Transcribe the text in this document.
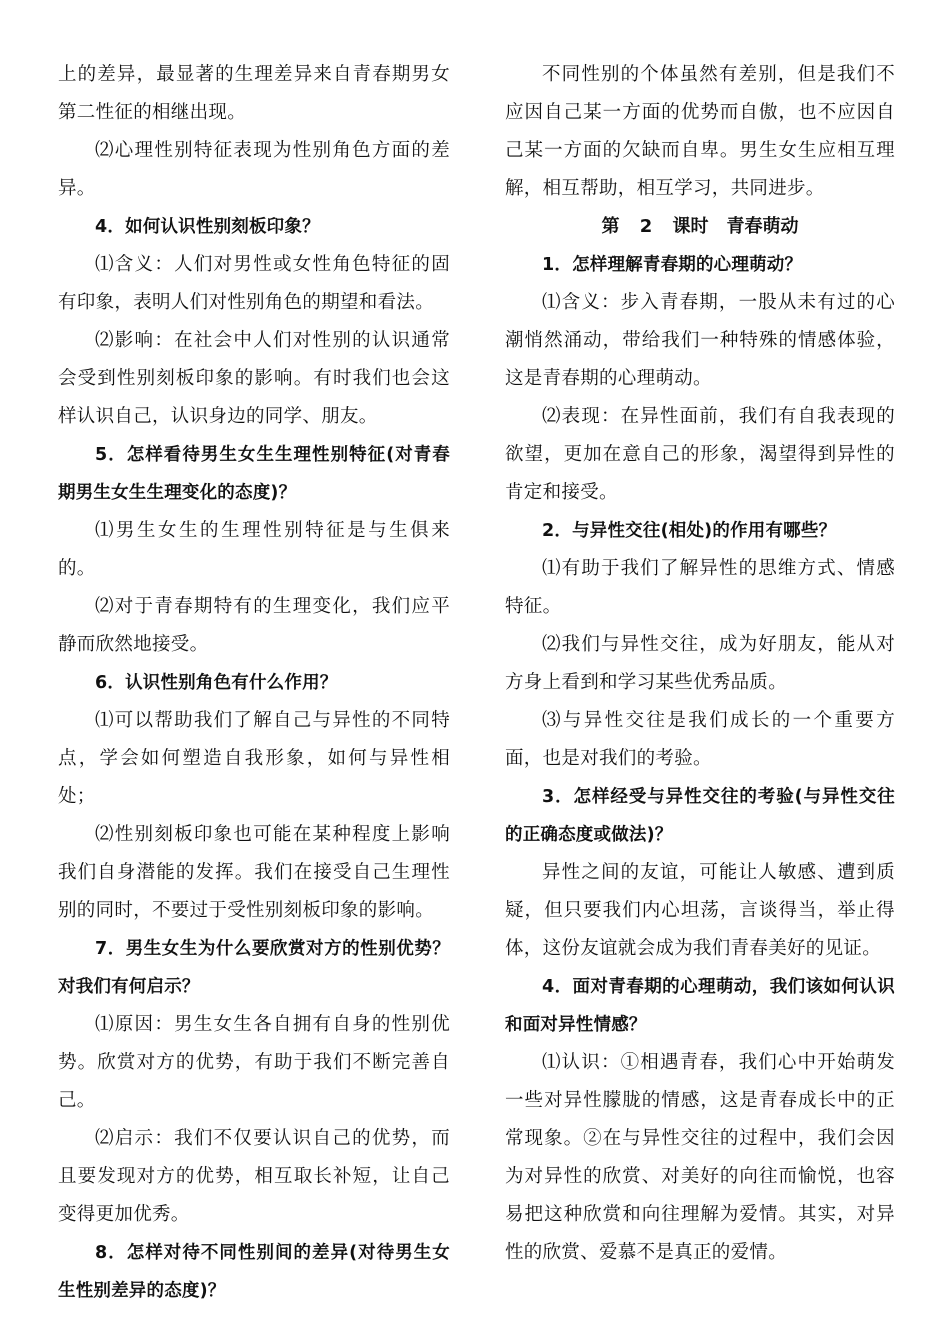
上的差异，最显著的生理差异来自青春期男女第二性征的相继出现。

⑵心理性别特征表现为性别角色方面的差异。

4．如何认识性别刻板印象？

⑴含义：人们对男性或女性角色特征的固有印象，表明人们对性别角色的期望和看法。

⑵影响：在社会中人们对性别的认识通常会受到性别刻板印象的影响。有时我们也会这样认识自己，认识身边的同学、朋友。

5．怎样看待男生女生生理性别特征(对青春期男生女生生理变化的态度)？

⑴男生女生的生理性别特征是与生俱来的。

⑵对于青春期特有的生理变化，我们应平静而欣然地接受。

6．认识性别角色有什么作用？

⑴可以帮助我们了解自己与异性的不同特点，学会如何塑造自我形象，如何与异性相处；

⑵性别刻板印象也可能在某种程度上影响我们自身潜能的发挥。我们在接受自己生理性别的同时，不要过于受性别刻板印象的影响。

7．男生女生为什么要欣赏对方的性别优势？对我们有何启示？

⑴原因：男生女生各自拥有自身的性别优势。欣赏对方的优势，有助于我们不断完善自己。

⑵启示：我们不仅要认识自己的优势，而且要发现对方的优势，相互取长补短，让自己变得更加优秀。

8．怎样对待不同性别间的差异(对待男生女生性别差异的态度)？

不同性别的个体虽然有差别，但是我们不应因自己某一方面的优势而自傲，也不应因自己某一方面的欠缺而自卑。男生女生应相互理解，相互帮助，相互学习，共同进步。

第 2 课时　青春萌动

1．怎样理解青春期的心理萌动？

⑴含义：步入青春期，一股从未有过的心潮悄然涌动，带给我们一种特殊的情感体验，这是青春期的心理萌动。

⑵表现：在异性面前，我们有自我表现的欲望，更加在意自己的形象，渴望得到异性的肯定和接受。

2．与异性交往(相处)的作用有哪些？

⑴有助于我们了解异性的思维方式、情感特征。

⑵我们与异性交往，成为好朋友，能从对方身上看到和学习某些优秀品质。

⑶与异性交往是我们成长的一个重要方面，也是对我们的考验。

3．怎样经受与异性交往的考验(与异性交往的正确态度或做法)？

异性之间的友谊，可能让人敏感、遭到质疑，但只要我们内心坦荡，言谈得当，举止得体，这份友谊就会成为我们青春美好的见证。

4．面对青春期的心理萌动，我们该如何认识和面对异性情感？

⑴认识：①相遇青春，我们心中开始萌发一些对异性朦胧的情感，这是青春成长中的正常现象。②在与异性交往的过程中，我们会因为对异性的欣赏、对美好的向往而愉悦，也容易把这种欣赏和向往理解为爱情。其实，对异性的欣赏、爱慕不是真正的爱情。
